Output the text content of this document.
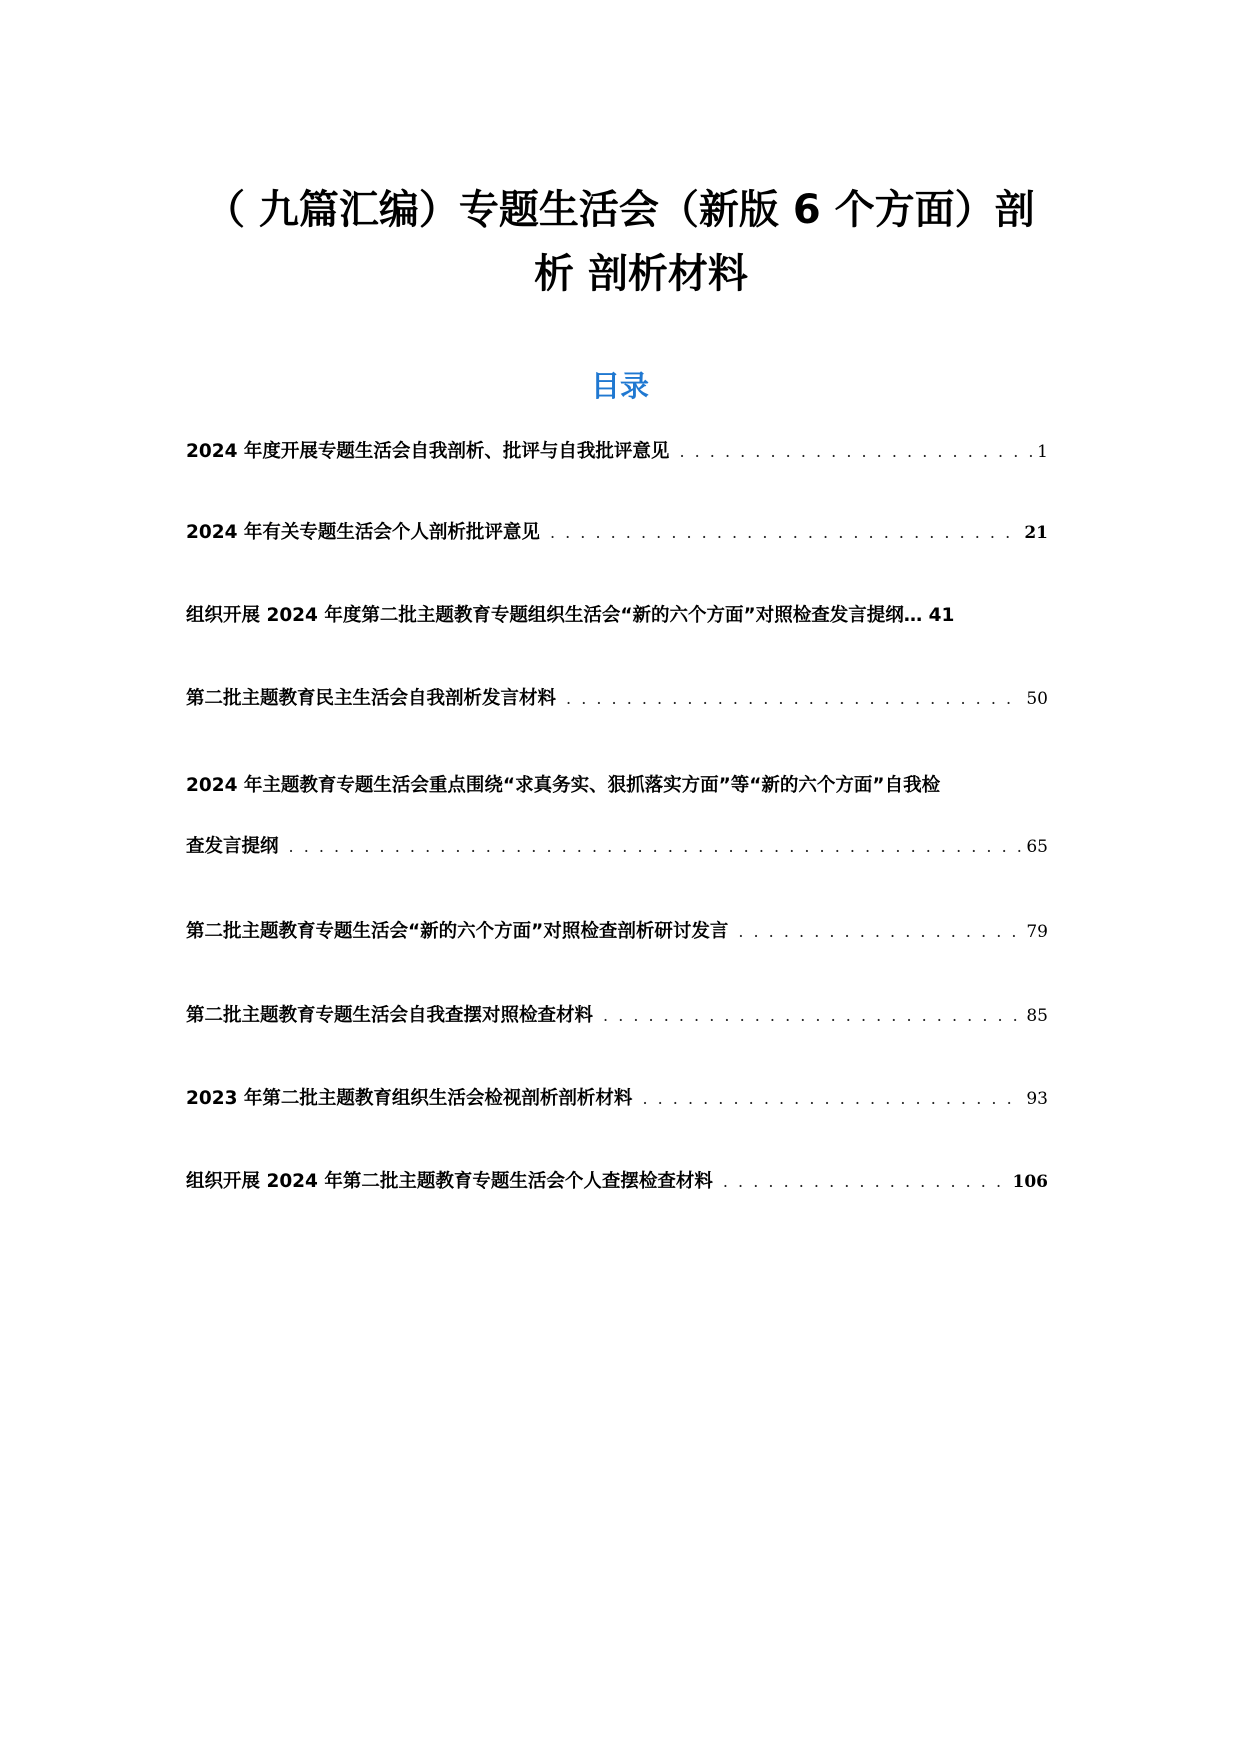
（ 九篇汇编）专题生活会（新版 6 个方面）剖
析 剖析材料
目录
2024 年度开展专题生活会自我剖析、批评与自我批评意见 . . .	1
2024 年有关专题生活会个人剖析批评意见 . . .	21
组织开展 2024 年度第二批主题教育专题组织生活会“新的六个方面”对照检查发言提纲… 41
第二批主题教育民主生活会自我剖析发言材料 . . .	50
2024 年主题教育专题生活会重点围绕“求真务实、狠抓落实方面”等“新的六个方面”自我检
查发言提纲 . . .	65
第二批主题教育专题生活会“新的六个方面”对照检查剖析研讨发言 . . .	79
第二批主题教育专题生活会自我查摆对照检查材料 . . .	85
2023 年第二批主题教育组织生活会检视剖析剖析材料 . . .	93
组织开展 2024 年第二批主题教育专题生活会个人查摆检查材料 . . .	106
